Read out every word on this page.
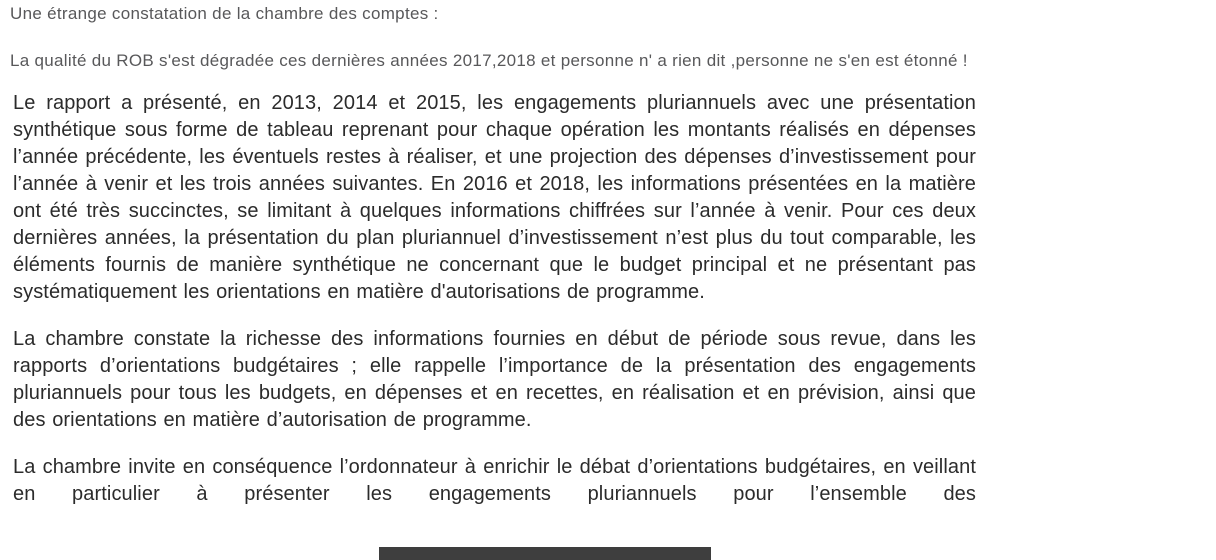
Une étrange constatation de la chambre des comptes :
La qualité du ROB s'est dégradée ces dernières années 2017,2018 et personne n' a rien dit ,personne ne s'en est étonné !

Le rapport a présenté, en 2013, 2014 et 2015, les engagements pluriannuels avec une présentation synthétique sous forme de tableau reprenant pour chaque opération les montants réalisés en dépenses l’année précédente, les éventuels restes à réaliser, et une projection des dépenses d’investissement pour l’année à venir et les trois années suivantes. En 2016 et 2018, les informations présentées en la matière ont été très succinctes, se limitant à quelques informations chiffrées sur l’année à venir. Pour ces deux dernières années, la présentation du plan pluriannuel d’investissement n’est plus du tout comparable, les éléments fournis de manière synthétique ne concernant que le budget principal et ne présentant pas systématiquement les orientations en matière d'autorisations de programme.

La chambre constate la richesse des informations fournies en début de période sous revue, dans les rapports d’orientations budgétaires ; elle rappelle l’importance de la présentation des engagements pluriannuels pour tous les budgets, en dépenses et en recettes, en réalisation et en prévision, ainsi que des orientations en matière d’autorisation de programme.

La chambre invite en conséquence l’ordonnateur à enrichir le débat d’orientations budgétaires, en veillant en particulier à présenter les engagements pluriannuels pour l’ensemble des
